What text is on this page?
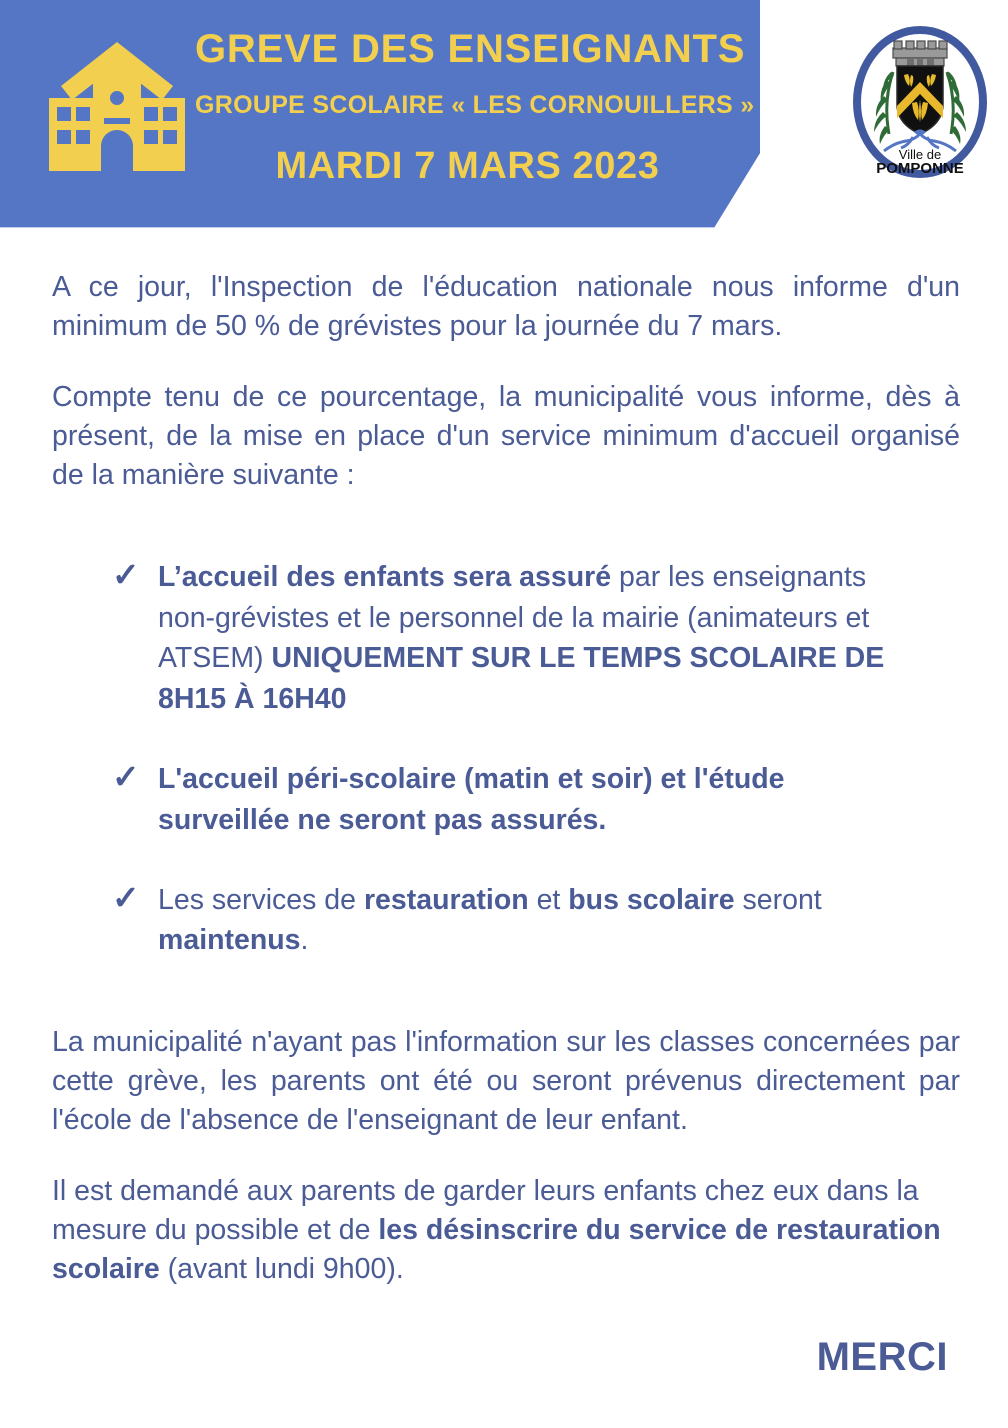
GREVE DES ENSEIGNANTS
GROUPE SCOLAIRE « LES CORNOUILLERS »
MARDI 7 MARS 2023	Ville de
POMPONNE

A ce jour, l'Inspection de l'éducation nationale nous informe d'un minimum de 50 % de grévistes pour la journée du 7 mars.

Compte tenu de ce pourcentage, la municipalité vous informe, dès à présent, de la mise en place d'un service minimum d'accueil organisé de la manière suivante :

✓ L’accueil des enfants sera assuré par les enseignants non-grévistes et le personnel de la mairie (animateurs et ATSEM) UNIQUEMENT SUR LE TEMPS SCOLAIRE DE 8H15 À 16H40
✓ L'accueil péri-scolaire (matin et soir) et l'étude surveillée ne seront pas assurés.
✓ Les services de restauration et bus scolaire seront maintenus.

La municipalité n'ayant pas l'information sur les classes concernées par cette grève, les parents ont été ou seront prévenus directement par l'école de l'absence de l'enseignant de leur enfant.

Il est demandé aux parents de garder leurs enfants chez eux dans la mesure du possible et de les désinscrire du service de restauration scolaire (avant lundi 9h00).

MERCI
